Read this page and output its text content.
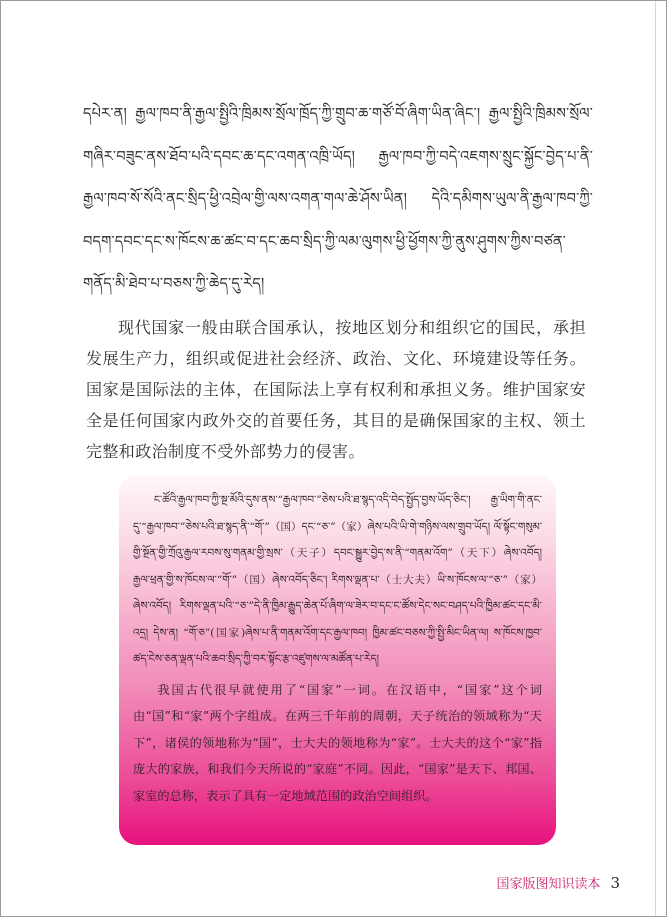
དཔེར་ན། རྒྱལ་ཁབ་ནི་རྒྱལ་སྤྱིའི་ཁྲིམས་སྲོལ་ཁྲོད་ཀྱི་གྲུབ་ཆ་གཙོ་བོ་ཞིག་ཡིན་ཞིང་། རྒྱལ་སྤྱིའི་ཁྲིམས་སྲོལ་གཞིར་བཟུང་ནས་ཐོབ་པའི་དབང་ཆ་དང་འགན་འཁྲི་ཡོད། རྒྱལ་ཁབ་ཀྱི་བདེ་འཇགས་སྲུང་སྐྱོང་བྱེད་པ་ནི་རྒྱལ་ཁབ་སོ་སོའི་ནང་སྲིད་ཕྱི་འབྲེལ་གྱི་ལས་འགན་གལ་ཆེ་ཤོས་ཡིན། དེའི་དམིགས་ཡུལ་ནི་རྒྱལ་ཁབ་ཀྱི་བདག་དབང་དང་ས་ཁོངས་ཆ་ཚང་བ་དང་ཆབ་སྲིད་ཀྱི་ལམ་ལུགས་ཕྱི་ཕྱོགས་ཀྱི་ནུས་ཤུགས་ཀྱིས་བཙན་གནོད་མི་ཐེབ་པ་བཅས་ཀྱི་ཆེད་དུ་རེད།

现代国家一般由联合国承认，按地区划分和组织它的国民，承担发展生产力，组织或促进社会经济、政治、文化、环境建设等任务。国家是国际法的主体，在国际法上享有权利和承担义务。维护国家安全是任何国家内政外交的首要任务，其目的是确保国家的主权、领土完整和政治制度不受外部势力的侵害。

ང་ཚོའི་རྒྱལ་ཁབ་ཀྱི་སྔ་མོའི་དུས་ནས་“རྒྱལ་ཁབ་”ཅེས་པའི་ཐ་སྙད་འདི་བེད་སྤྱོད་བྱས་ཡོད་ཅིང་། རྒྱ་ཡིག་གི་ནང་དུ་“རྒྱལ་ཁབ་”ཅེས་པའི་ཐ་སྙད་ནི་“གོ་”（国）དང་“ཅ་”（家）ཞེས་པའི་ཡི་གེ་གཉིས་ལས་གྲུབ་ཡོད། ལོ་སྟོང་གསུམ་གྱི་སྔོན་གྱི་ཀྲོའུ་རྒྱལ་རབས་སུ་གནམ་གྱི་སྲས་（天子）དབང་སྒྱུར་བྱེད་ས་ནི་“གནམ་འོག”（天下）ཞེས་འབོད། རྒྱལ་ཕྲན་གྱི་ས་ཁོངས་ལ་“གོ་”（国）ཞེས་འབོད་ཅིང་། རིགས་ལྡན་པ་（士大夫）ཡི་ས་ཁོངས་ལ་“ཅ་”（家）ཞེས་འབོད། རིགས་ལྡན་པའི་“ཅ་”དེ་ནི་ཁྱིམ་རྒྱུད་ཆེན་པོ་ཞིག་ལ་ཟེར་བ་དང་ང་ཚོས་དེང་སང་བཤད་པའི་ཁྱིམ་ཚང་དང་མི་འདྲ། དེས་ན། “གོ་ཅ”(国家)ཞེས་པ་ནི་གནམ་འོག་དང་རྒྱལ་ཁབ། ཁྱིམ་ཚང་བཅས་ཀྱི་སྤྱི་མིང་ཡིན་ལ། ས་ཁོངས་ཁྱབ་ཚད་ངེས་ཅན་ལྡན་པའི་ཆབ་སྲིད་ཀྱི་བར་སྟོང་རྩ་འཛུགས་ལ་མཚོན་པ་རེད།

我国古代很早就使用了“国家”一词。在汉语中，“国家”这个词由“国”和“家”两个字组成。在两三千年前的周朝，天子统治的领域称为“天下”，诸侯的领地称为“国”，士大夫的领地称为“家”。士大夫的这个“家”指庞大的家族，和我们今天所说的“家庭”不同。因此，“国家”是天下、邦国、家室的总称，表示了具有一定地域范围的政治空间组织。

国家版图知识读本 3
